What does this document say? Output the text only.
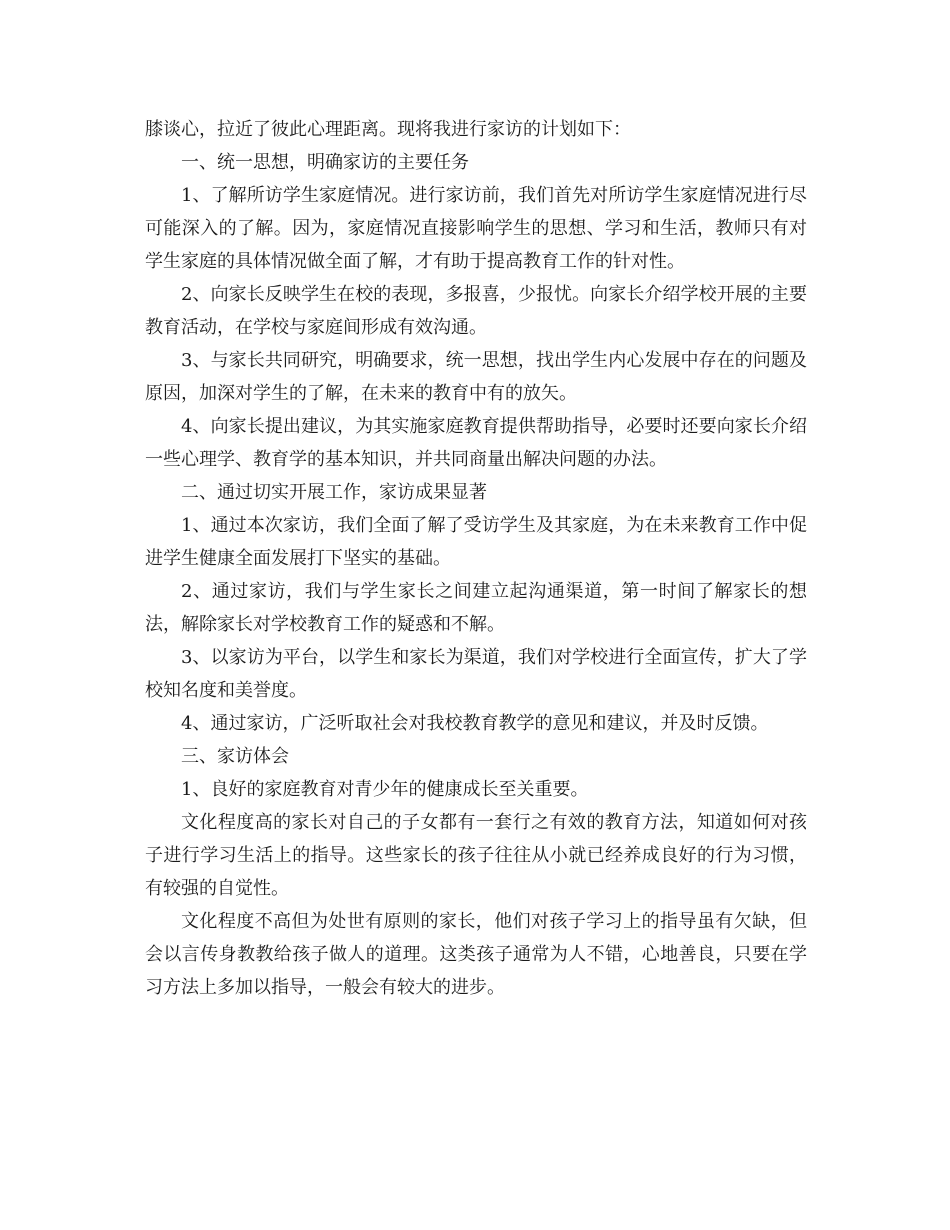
膝谈心，拉近了彼此心理距离。现将我进行家访的计划如下：

一、统一思想，明确家访的主要任务

1、了解所访学生家庭情况。进行家访前，我们首先对所访学生家庭情况进行尽可能深入的了解。因为，家庭情况直接影响学生的思想、学习和生活，教师只有对学生家庭的具体情况做全面了解，才有助于提高教育工作的针对性。

2、向家长反映学生在校的表现，多报喜，少报忧。向家长介绍学校开展的主要教育活动，在学校与家庭间形成有效沟通。

3、与家长共同研究，明确要求，统一思想，找出学生内心发展中存在的问题及原因，加深对学生的了解，在未来的教育中有的放矢。

4、向家长提出建议，为其实施家庭教育提供帮助指导，必要时还要向家长介绍一些心理学、教育学的基本知识，并共同商量出解决问题的办法。

二、通过切实开展工作，家访成果显著

1、通过本次家访，我们全面了解了受访学生及其家庭，为在未来教育工作中促进学生健康全面发展打下坚实的基础。

2、通过家访，我们与学生家长之间建立起沟通渠道，第一时间了解家长的想法，解除家长对学校教育工作的疑惑和不解。

3、以家访为平台，以学生和家长为渠道，我们对学校进行全面宣传，扩大了学校知名度和美誉度。

4、通过家访，广泛听取社会对我校教育教学的意见和建议，并及时反馈。

三、家访体会

1、良好的家庭教育对青少年的健康成长至关重要。

文化程度高的家长对自己的子女都有一套行之有效的教育方法，知道如何对孩子进行学习生活上的指导。这些家长的孩子往往从小就已经养成良好的行为习惯，有较强的自觉性。

文化程度不高但为处世有原则的家长，他们对孩子学习上的指导虽有欠缺，但会以言传身教教给孩子做人的道理。这类孩子通常为人不错，心地善良，只要在学习方法上多加以指导，一般会有较大的进步。
